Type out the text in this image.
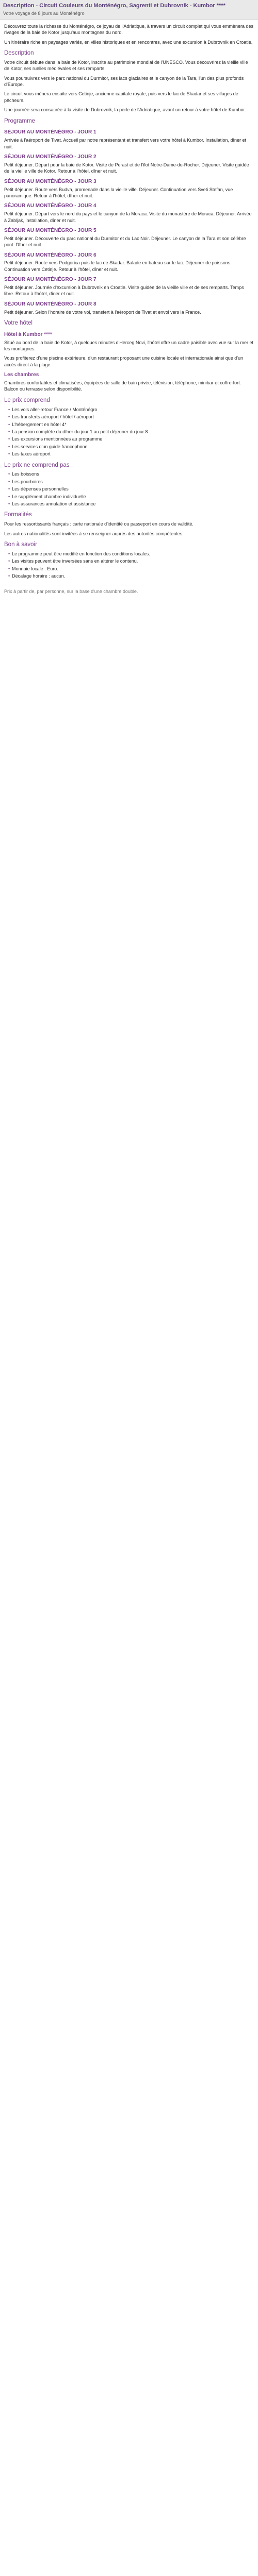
Description - Circuit Couleurs du Monténégro, Sagrenti et Dubrovnik - Kumbor ****
Votre voyage de 8 jours au Monténégro

Découvrez toute la richesse du Monténégro, ce joyau de l'Adriatique, à travers un circuit complet qui vous emmènera des rivages de la baie de Kotor jusqu'aux montagnes du nord.

Un itinéraire riche en paysages variés, en villes historiques et en rencontres, avec une excursion à Dubrovnik en Croatie.

Description

Votre circuit débute dans la baie de Kotor, inscrite au patrimoine mondial de l'UNESCO. Vous découvrirez la vieille ville de Kotor, ses ruelles médiévales et ses remparts.

Vous poursuivrez vers le parc national du Durmitor, ses lacs glaciaires et le canyon de la Tara, l'un des plus profonds d'Europe.

Le circuit vous mènera ensuite vers Cetinje, ancienne capitale royale, puis vers le lac de Skadar et ses villages de pêcheurs.

Une journée sera consacrée à la visite de Dubrovnik, la perle de l'Adriatique, avant un retour à votre hôtel de Kumbor.

Programme
SÉJOUR AU MONTÉNÉGRO - JOUR 1
Arrivée à l'aéroport de Tivat. Accueil par notre représentant et transfert vers votre hôtel à Kumbor. Installation, dîner et nuit.
SÉJOUR AU MONTÉNÉGRO - JOUR 2
Petit déjeuner. Départ pour la baie de Kotor. Visite de Perast et de l'îlot Notre-Dame-du-Rocher. Déjeuner. Visite guidée de la vieille ville de Kotor. Retour à l'hôtel, dîner et nuit.
SÉJOUR AU MONTÉNÉGRO - JOUR 3
Petit déjeuner. Route vers Budva, promenade dans la vieille ville. Déjeuner. Continuation vers Sveti Stefan, vue panoramique. Retour à l'hôtel, dîner et nuit.
SÉJOUR AU MONTÉNÉGRO - JOUR 4
Petit déjeuner. Départ vers le nord du pays et le canyon de la Moraca. Visite du monastère de Moraca. Déjeuner. Arrivée à Zabljak, installation, dîner et nuit.
SÉJOUR AU MONTÉNÉGRO - JOUR 5
Petit déjeuner. Découverte du parc national du Durmitor et du Lac Noir. Déjeuner. Le canyon de la Tara et son célèbre pont. Dîner et nuit.
SÉJOUR AU MONTÉNÉGRO - JOUR 6
Petit déjeuner. Route vers Podgorica puis le lac de Skadar. Balade en bateau sur le lac. Déjeuner de poissons. Continuation vers Cetinje. Retour à l'hôtel, dîner et nuit.
SÉJOUR AU MONTÉNÉGRO - JOUR 7
Petit déjeuner. Journée d'excursion à Dubrovnik en Croatie. Visite guidée de la vieille ville et de ses remparts. Temps libre. Retour à l'hôtel, dîner et nuit.
SÉJOUR AU MONTÉNÉGRO - JOUR 8
Petit déjeuner. Selon l'horaire de votre vol, transfert à l'aéroport de Tivat et envol vers la France.
Votre hôtel
Hôtel à Kumbor ****

Situé au bord de la baie de Kotor, à quelques minutes d'Herceg Novi, l'hôtel offre un cadre paisible avec vue sur la mer et les montagnes.

Vous profiterez d'une piscine extérieure, d'un restaurant proposant une cuisine locale et internationale ainsi que d'un accès direct à la plage.

Les chambres

Chambres confortables et climatisées, équipées de salle de bain privée, télévision, téléphone, minibar et coffre-fort. Balcon ou terrasse selon disponibilité.

Le prix comprend
• Les vols aller-retour France / Monténégro
• Les transferts aéroport / hôtel / aéroport
• L'hébergement en hôtel 4*
• La pension complète du dîner du jour 1 au petit déjeuner du jour 8
• Les excursions mentionnées au programme
• Les services d'un guide francophone
• Les taxes aéroport
Le prix ne comprend pas
• Les boissons
• Les pourboires
• Les dépenses personnelles
• Le supplément chambre individuelle
• Les assurances annulation et assistance
Formalités

Pour les ressortissants français : carte nationale d'identité ou passeport en cours de validité.

Les autres nationalités sont invitées à se renseigner auprès des autorités compétentes.

Bon à savoir
• Le programme peut être modifié en fonction des conditions locales.
• Les visites peuvent être inversées sans en altérer le contenu.
• Monnaie locale : Euro.
• Décalage horaire : aucun.
Prix à partir de, par personne, sur la base d'une chambre double.
